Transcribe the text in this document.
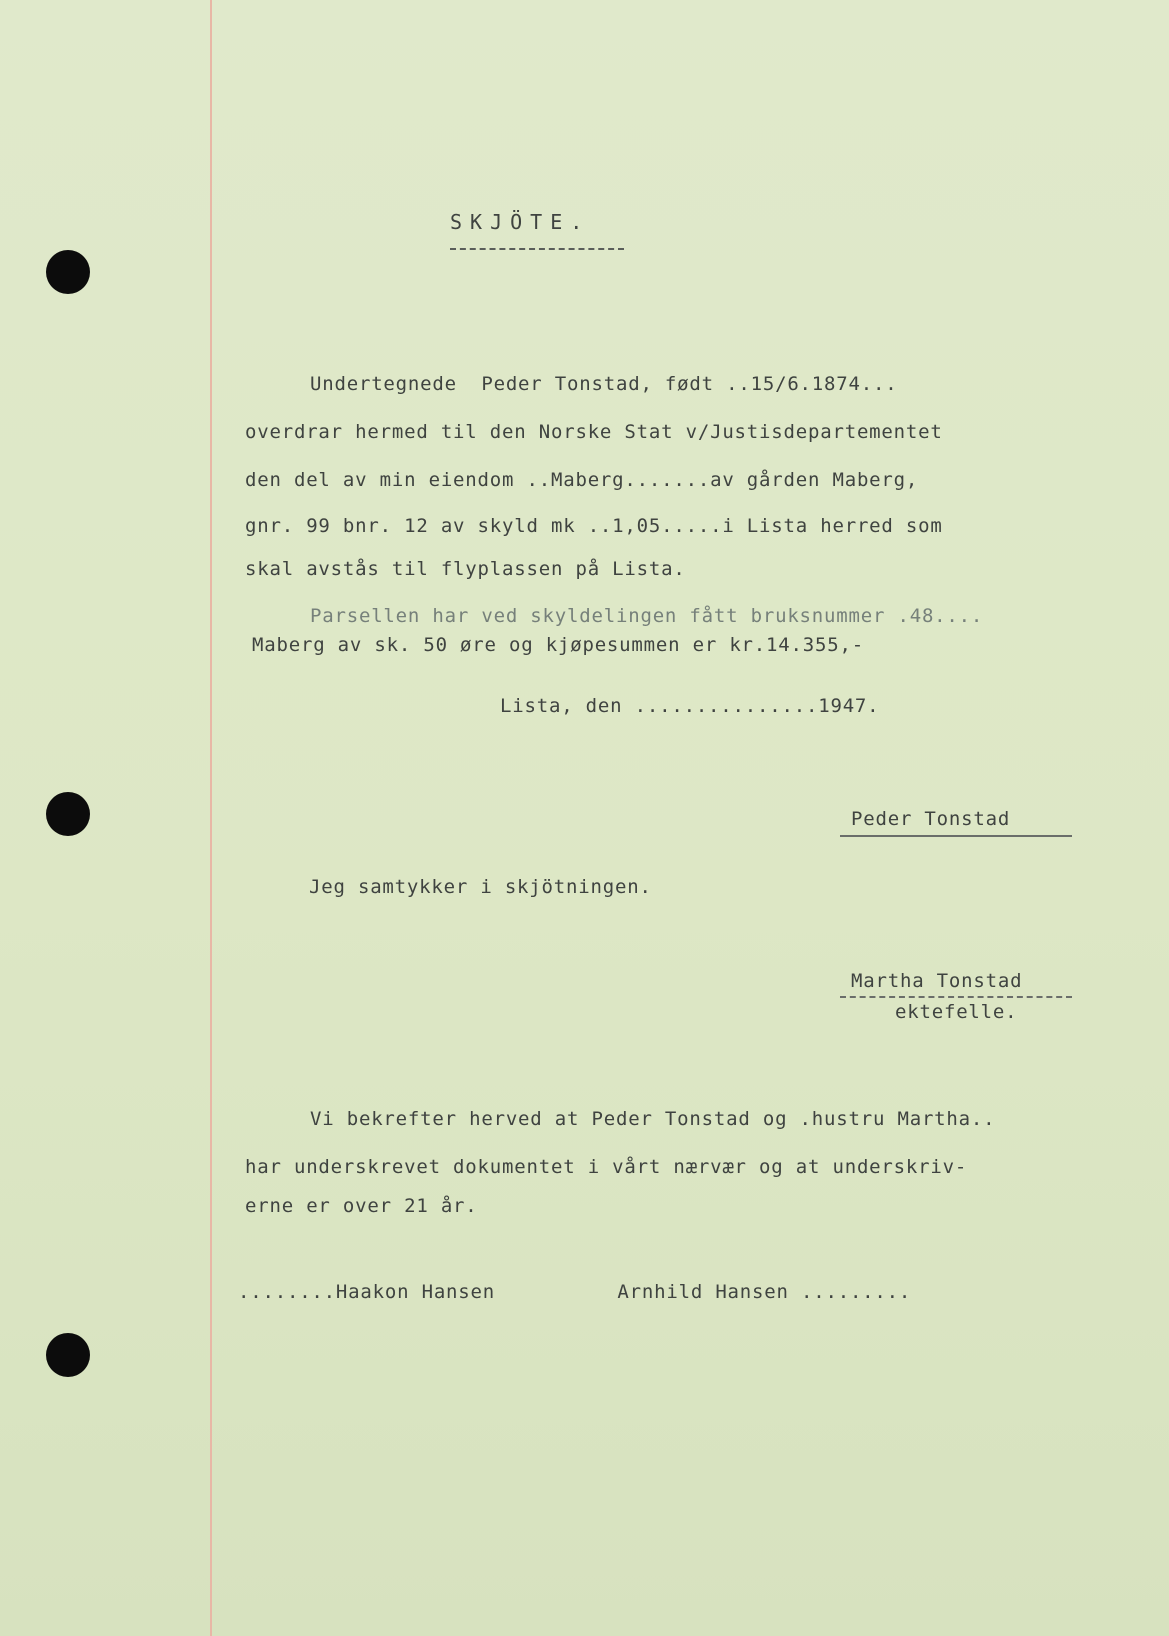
SKJÖTE.
Undertegnede  Peder Tonstad, født ..15/6.1874...
overdrar hermed til den Norske Stat v/Justisdepartementet
den del av min eiendom ..Maberg.......av gården Maberg,
gnr. 99 bnr. 12 av skyld mk ..1,05.....i Lista herred som
skal avstås til flyplassen på Lista.
Parsellen har ved skyldelingen fått bruksnummer .48....
Maberg av sk. 50 øre og kjøpesummen er kr.14.355,-
Lista, den ...............1947.
Peder Tonstad
Jeg samtykker i skjötningen.
Martha Tonstad
ektefelle.
Vi bekrefter herved at Peder Tonstad og .hustru Martha..
har underskrevet dokumentet i vårt nærvær og at underskriv-
erne er over 21 år.
........Haakon Hansen          Arnhild Hansen .........
